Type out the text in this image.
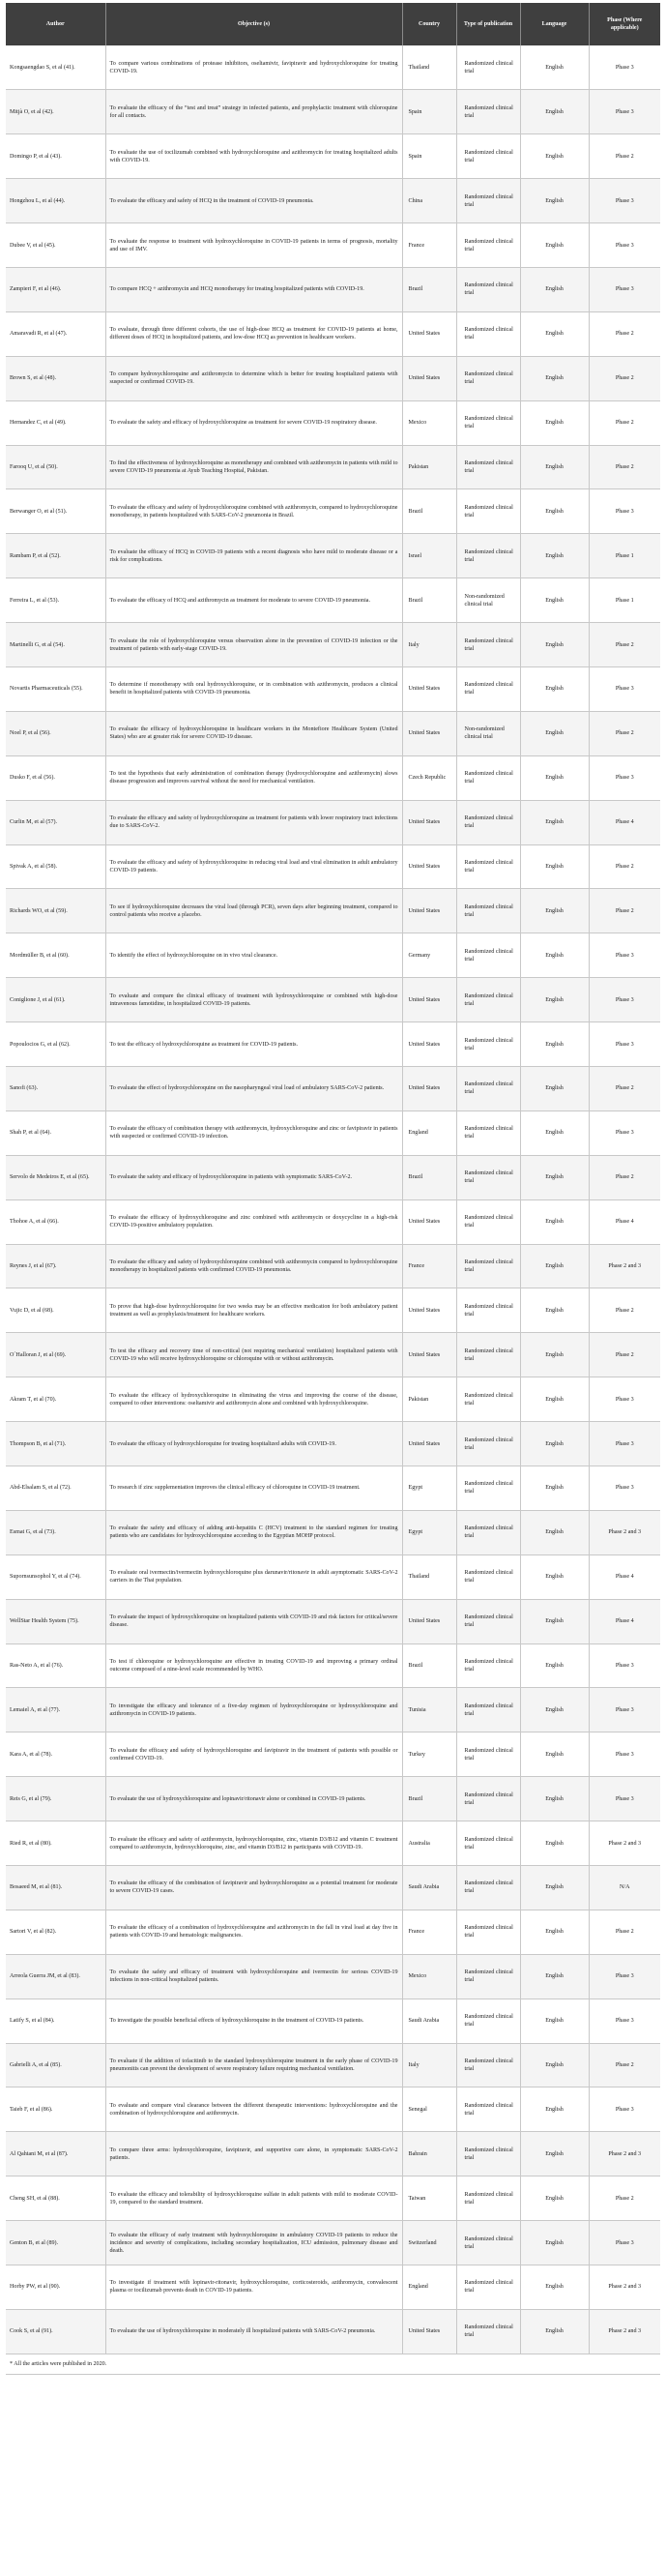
Author	Objective (s)	Country	Type of publication	Language	Phase (Where applicable)
Kongsaengdao S, et al (41).	To compare various combinations of protease inhibitors, oseltamivir, favipiravir and hydroxychloroquine for treating COVID-19.	Thailand	Randomized clinical trial	English	Phase 3
Mitjà O, et al (42).	To evaluate the efficacy of the “test and treat” strategy in infected patients, and prophylactic treatment with chloroquine for all contacts.	Spain	Randomized clinical trial	English	Phase 3
Domingo P, et al (43).	To evaluate the use of tocilizumab combined with hydroxychloroquine and azithromycin for treating hospitalized adults with COVID-19.	Spain	Randomized clinical trial	English	Phase 2
Hongzhou L, et al (44).	To evaluate the efficacy and safety of HCQ in the treatment of COVID-19 pneumonia.	China	Randomized clinical trial	English	Phase 3
Dubee V, et al (45).	To evaluate the response to treatment with hydroxychloroquine in COVID-19 patients in terms of prognosis, mortality and use of IMV.	France	Randomized clinical trial	English	Phase 3
Zampieri F, et al (46).	To compare HCQ + azithromycin and HCQ monotherapy for treating hospitalized patients with COVID-19.	Brazil	Randomized clinical trial	English	Phase 3
Amaravadi R, et al (47).	To evaluate, through three different cohorts, the use of high-dose HCQ as treatment for COVID-19 patients at home, different doses of HCQ in hospitalized patients, and low-dose HCQ as prevention in healthcare workers.	United States	Randomized clinical trial	English	Phase 2
Brown S, et al (48).	To compare hydroxychloroquine and azithromycin to determine which is better for treating hospitalized patients with suspected or confirmed COVID-19.	United States	Randomized clinical trial	English	Phase 2
Hernandez C, et al (49).	To evaluate the safety and efficacy of hydroxychloroquine as treatment for severe COVID-19 respiratory disease.	Mexico	Randomized clinical trial	English	Phase 2
Farooq U, et al (50).	To find the effectiveness of hydroxychloroquine as monotherapy and combined with azithromycin in patients with mild to severe COVID-19 pneumonia at Ayub Teaching Hospital, Pakistan.	Pakistan	Randomized clinical trial	English	Phase 2
Berwanger O, et al (51).	To evaluate the efficacy and safety of hydroxychloroquine combined with azithromycin, compared to hydroxychloroquine monotherapy, in patients hospitalized with SARS-CoV-2 pneumonia in Brazil.	Brazil	Randomized clinical trial	English	Phase 3
Rambam P, et al (52).	To evaluate the efficacy of HCQ in COVID-19 patients with a recent diagnosis who have mild to moderate disease or a risk for complications.	Israel	Randomized clinical trial	English	Phase 1
Ferreira L, et al (53).	To evaluate the efficacy of HCQ and azithromycin as treatment for moderate to severe COVID-19 pneumonia.	Brazil	Non-randomized clinical trial	English	Phase 1
Martinelli G, et al (54).	To evaluate the role of hydroxychloroquine versus observation alone in the prevention of COVID-19 infection or the treatment of patients with early-stage COVID-19.	Italy	Randomized clinical trial	English	Phase 2
Novartis Pharmaceuticals (55).	To determine if monotherapy with oral hydroxychloroquine, or in combination with azithromycin, produces a clinical benefit in hospitalized patients with COVID-19 pneumonia.	United States	Randomized clinical trial	English	Phase 3
Noel P, et al (56).	To evaluate the efficacy of hydroxychloroquine in healthcare workers in the Montefiore Healthcare System (United States) who are at greater risk for severe COVID-19 disease.	United States	Non-randomized clinical trial	English	Phase 2
Dusko F, et al (56).	To test the hypothesis that early administration of combination therapy (hydroxychloroquine and azithromycin) slows disease progression and improves survival without the need for mechanical ventilation.	Czech Republic	Randomized clinical trial	English	Phase 3
Curlin M, et al (57).	To evaluate the efficacy and safety of hydroxychloroquine as treatment for patients with lower respiratory tract infections due to SARS-CoV-2.	United States	Randomized clinical trial	English	Phase 4
Spivak A, et al (58).	To evaluate the efficacy and safety of hydroxychloroquine in reducing viral load and viral elimination in adult ambulatory COVID-19 patients.	United States	Randomized clinical trial	English	Phase 2
Richards WO, et al (59).	To see if hydroxychloroquine decreases the viral load (through PCR), seven days after beginning treatment, compared to control patients who receive a placebo.	United States	Randomized clinical trial	English	Phase 2
Mordmüller B, et al (60).	To identify the effect of hydroxychloroquine on in vivo viral clearance.	Germany	Randomized clinical trial	English	Phase 3
Coniglione J, et al (61).	To evaluate and compare the clinical efficacy of treatment with hydroxychloroquine or combined with high-dose intravenous famotidine, in hospitalized COVID-19 patients.	United States	Randomized clinical trial	English	Phase 3
Popoulocios G, et al (62).	To test the efficacy of hydroxychloroquine as treatment for COVID-19 patients.	United States	Randomized clinical trial	English	Phase 3
Sanofi (63).	To evaluate the effect of hydroxychloroquine on the nasopharyngeal viral load of ambulatory SARS-CoV-2 patients.	United States	Randomized clinical trial	English	Phase 2
Shah P, et al (64).	To evaluate the efficacy of combination therapy with azithromycin, hydroxychloroquine and zinc or favipiravir in patients with suspected or confirmed COVID-19 infection.	England	Randomized clinical trial	English	Phase 3
Servolo de Medeiros E, et al (65).	To evaluate the safety and efficacy of hydroxychloroquine in patients with symptomatic SARS-CoV-2.	Brazil	Randomized clinical trial	English	Phase 2
Thohoe A, et al (66).	To evaluate the efficacy of hydroxychloroquine and zinc combined with azithromycin or doxycycline in a high-risk COVID-19-positive ambulatory population.	United States	Randomized clinical trial	English	Phase 4
Reynes J, et al (67).	To evaluate the efficacy and safety of hydroxychloroquine combined with azithromycin compared to hydroxychloroquine monotherapy in hospitalized patients with confirmed COVID-19 pneumonia.	France	Randomized clinical trial	English	Phase 2 and 3
Vujic D, et al (68).	To prove that high-dose hydroxychloroquine for two weeks may be an effective medication for both ambulatory patient treatment as well as prophylaxis/treatment for healthcare workers.	United States	Randomized clinical trial	English	Phase 2
O´Halloran J, et al (69).	To test the efficacy and recovery time of non-critical (not requiring mechanical ventilation) hospitalized patients with COVID-19 who will receive hydroxychloroquine or chloroquine with or without azithromycin.	United States	Randomized clinical trial	English	Phase 2
Akram T, et al (70).	To evaluate the efficacy of hydroxychloroquine in eliminating the virus and improving the course of the disease, compared to other interventions: oseltamivir and azithromycin alone and combined with hydroxychloroquine.	Pakistan	Randomized clinical trial	English	Phase 3
Thompson B, et al (71).	To evaluate the efficacy of hydroxychloroquine for treating hospitalized adults with COVID-19.	United States	Randomized clinical trial	English	Phase 3
Abd-Elsalam S, et al (72).	To research if zinc supplementation improves the clinical efficacy of chloroquine in COVID-19 treatment.	Egypt	Randomized clinical trial	English	Phase 3
Esmat G, et al (73).	To evaluate the safety and efficacy of adding anti-hepatitis C (HCV) treatment to the standard regimen for treating patients who are candidates for hydroxychloroquine according to the Egyptian MOHP protocol.	Egypt	Randomized clinical trial	English	Phase 2 and 3
Supornsunsophol Y, et al (74).	To evaluate oral ivermectin/ivermectin hydroxychloroquine plus darunavir/ritonavir in adult asymptomatic SARS-CoV-2 carriers in the Thai population.	Thailand	Randomized clinical trial	English	Phase 4
WellStar Health System (75).	To evaluate the impact of hydroxychloroquine on hospitalized patients with COVID-19 and risk factors for critical/severe disease.	United States	Randomized clinical trial	English	Phase 4
Ras-Neto A, et al (76).	To test if chloroquine or hydroxychloroquine are effective in treating COVID-19 and improving a primary ordinal outcome composed of a nine-level scale recommended by WHO.	Brazil	Randomized clinical trial	English	Phase 3
Lemaiel A, et al (77).	To investigate the efficacy and tolerance of a five-day regimen of hydroxychloroquine or hydroxychloroquine and azithromycin in COVID-19 patients.	Tunisia	Randomized clinical trial	English	Phase 3
Kara A, et al (78).	To evaluate the efficacy and safety of hydroxychloroquine and favipiravir in the treatment of patients with possible or confirmed COVID-19.	Turkey	Randomized clinical trial	English	Phase 3
Reis G, et al (79).	To evaluate the use of hydroxychloroquine and lopinavir/ritonavir alone or combined in COVID-19 patients.	Brazil	Randomized clinical trial	English	Phase 3
Ried R, et al (80).	To evaluate the efficacy and safety of azithromycin, hydroxychloroquine, zinc, vitamin D3/B12 and vitamin C treatment compared to azithromycin, hydroxychloroquine, zinc, and vitamin D3/B12 in participants with COVID-19.	Australia	Randomized clinical trial	English	Phase 2 and 3
Bosaeed M, et al (81).	To evaluate the efficacy of the combination of favipiravir and hydroxychloroquine as a potential treatment for moderate to severe COVID-19 cases.	Saudi Arabia	Randomized clinical trial	English	N/A
Sartori V, et al (82).	To evaluate the efficacy of a combination of hydroxychloroquine and azithromycin in the fall in viral load at day five in patients with COVID-19 and hematologic malignancies.	France	Randomized clinical trial	English	Phase 2
Arreola Guerra JM, et al (83).	To evaluate the safety and efficacy of treatment with hydroxychloroquine and ivermectin for serious COVID-19 infections in non-critical hospitalized patients.	Mexico	Randomized clinical trial	English	Phase 3
Latify S, et al (84).	To investigate the possible beneficial effects of hydroxychloroquine in the treatment of COVID-19 patients.	Saudi Arabia	Randomized clinical trial	English	Phase 3
Gabrielli A, et al (85).	To evaluate if the addition of tofacitinib to the standard hydroxychloroquine treatment in the early phase of COVID-19 pneumonitis can prevent the development of severe respiratory failure requiring mechanical ventilation.	Italy	Randomized clinical trial	English	Phase 2
Taieb F, et al (86).	To evaluate and compare viral clearance between the different therapeutic interventions: hydroxychloroquine and the combination of hydroxychloroquine and azithromycin.	Senegal	Randomized clinical trial	English	Phase 3
Al Qahtani M, et al (87).	To compare three arms: hydroxychloroquine, favipiravir, and supportive care alone, in symptomatic SARS-CoV-2 patients.	Bahrain	Randomized clinical trial	English	Phase 2 and 3
Cheng SH, et al (88).	To evaluate the efficacy and tolerability of hydroxychloroquine sulfate in adult patients with mild to moderate COVID-19, compared to the standard treatment.	Taiwan	Randomized clinical trial	English	Phase 2
Genton B, et al (89).	To evaluate the efficacy of early treatment with hydroxychloroquine in ambulatory COVID-19 patients to reduce the incidence and severity of complications, including secondary hospitalization, ICU admission, pulmonary disease and death.	Switzerland	Randomized clinical trial	English	Phase 3
Horby PW, et al (90).	To investigate if treatment with lopinavir-ritonavir, hydroxychloroquine, corticosteroids, azithromycin, convalescent plasma or tocilizumab prevents death in COVID-19 patients.	England	Randomized clinical trial	English	Phase 2 and 3
Cook S, et al (91).	To evaluate the use of hydroxychloroquine in moderately ill hospitalized patients with SARS-CoV-2 pneumonia.	United States	Randomized clinical trial	English	Phase 2 and 3
* All the articles were published in 2020.
